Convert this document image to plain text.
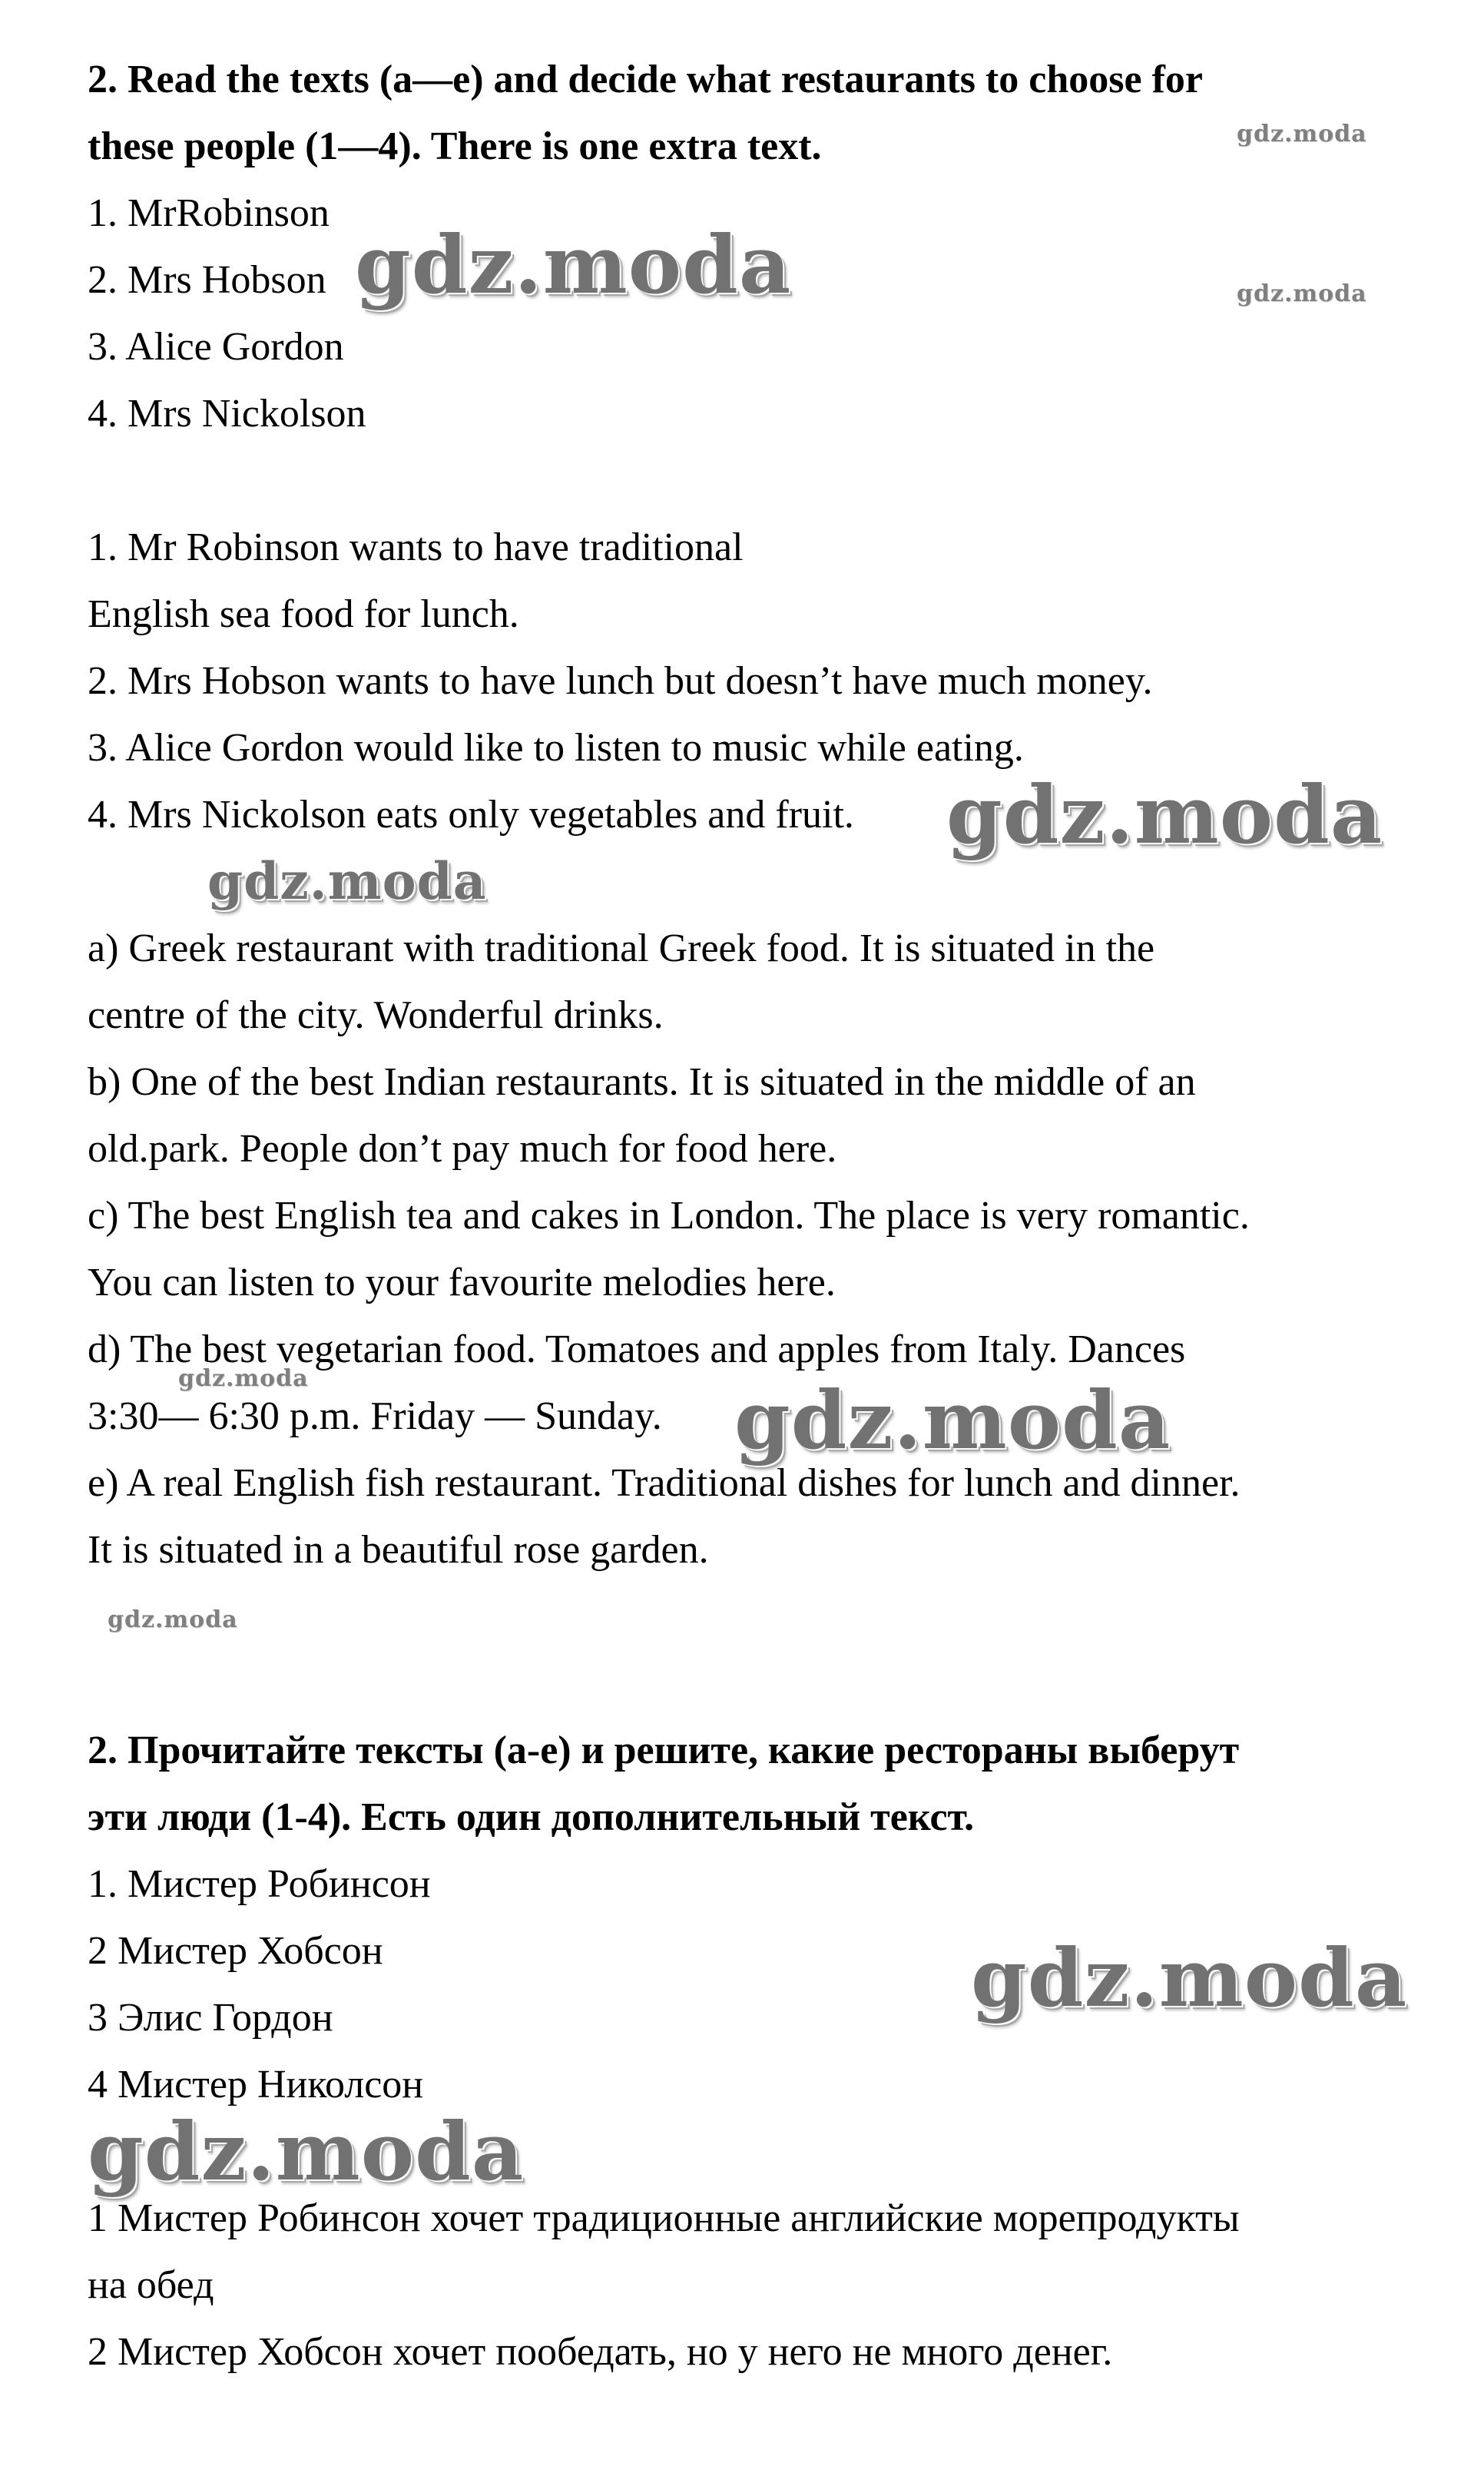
2. Read the texts (a—e) and decide what restaurants to choose for
these people (1—4). There is one extra text.
1. MrRobinson
2. Mrs Hobson
3. Alice Gordon
4. Mrs Nickolson
1. Mr Robinson wants to have traditional
English sea food for lunch.
2. Mrs Hobson wants to have lunch but doesn’t have much money.
3. Alice Gordon would like to listen to music while eating.
4. Mrs Nickolson eats only vegetables and fruit.
a) Greek restaurant with traditional Greek food. It is situated in the
centre of the city. Wonderful drinks.
b) One of the best Indian restaurants. It is situated in the middle of an
old.park. People don’t pay much for food here.
c) The best English tea and cakes in London. The place is very romantic.
You can listen to your favourite melodies here.
d) The best vegetarian food. Tomatoes and apples from Italy. Dances
3:30— 6:30 p.m. Friday — Sunday.
e) A real English fish restaurant. Traditional dishes for lunch and dinner.
It is situated in a beautiful rose garden.
2. Прочитайте тексты (а-е) и решите, какие рестораны выберут
эти люди (1-4). Есть один дополнительный текст.
1. Мистер Робинсон
2 Мистер Хобсон
3 Элис Гордон
4 Мистер Николсон
1 Мистер Робинсон хочет традиционные английские морепродукты
на обед
2 Мистер Хобсон хочет пообедать, но у него не много денег.
gdz.moda
gdz.moda	gdz.moda
gdz.moda
gdz.moda
gdz.moda	gdz.moda
gdz.moda
gdz.moda
gdz.moda
